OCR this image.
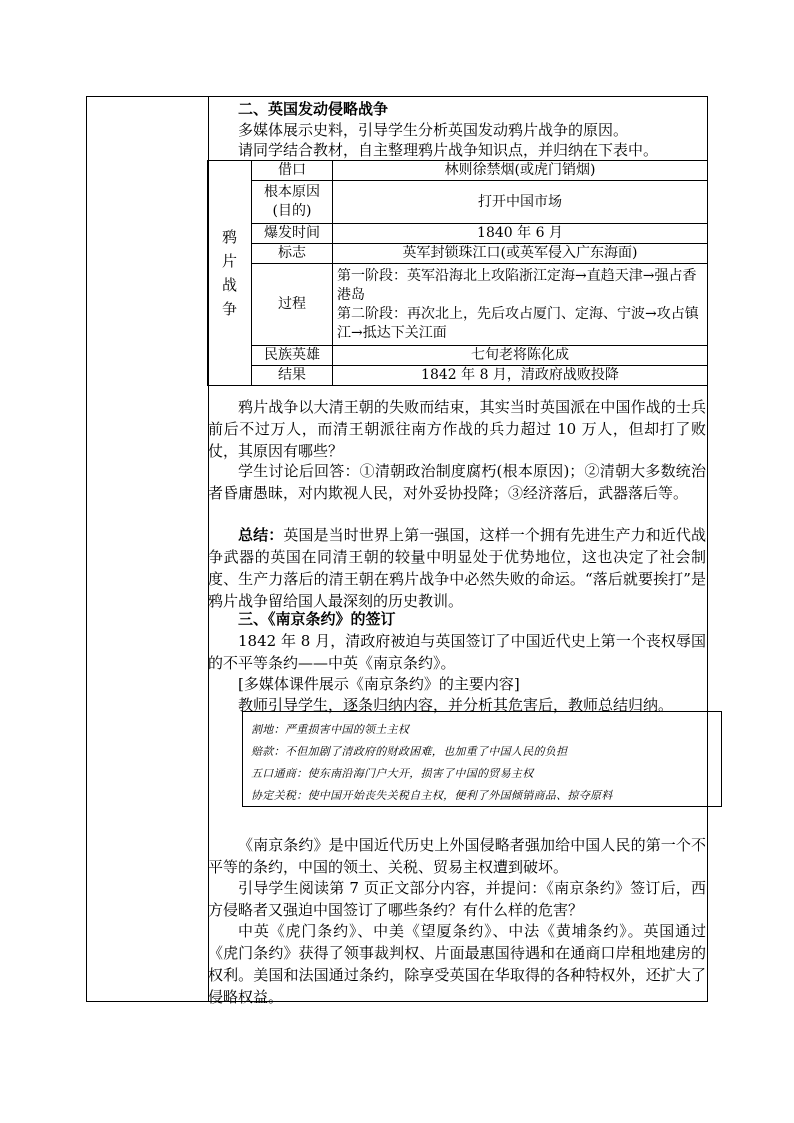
二、英国发动侵略战争

多媒体展示史料，引导学生分析英国发动鸦片战争的原因。

请同学结合教材，自主整理鸦片战争知识点，并归纳在下表中。

鸦片战争	借口	林则徐禁烟(或虎门销烟)
	根本原因(目的)	打开中国市场
	爆发时间	1840 年 6 月
	标志	英军封锁珠江口(或英军侵入广东海面)
	过程	第一阶段：英军沿海北上攻陷浙江定海→直趋天津→强占香港岛
第二阶段：再次北上，先后攻占厦门、定海、宁波→攻占镇江→抵达下关江面

	民族英雄	七旬老将陈化成
	结果	1842 年 8 月，清政府战败投降

鸦片战争以大清王朝的失败而结束，其实当时英国派在中国作战的士兵前后不过万人，而清王朝派往南方作战的兵力超过 10 万人，但却打了败仗，其原因有哪些？

学生讨论后回答：①清朝政治制度腐朽(根本原因)；②清朝大多数统治者昏庸愚昧，对内欺视人民，对外妥协投降；③经济落后，武器落后等。

总结：英国是当时世界上第一强国，这样一个拥有先进生产力和近代战争武器的英国在同清王朝的较量中明显处于优势地位，这也决定了社会制度、生产力落后的清王朝在鸦片战争中必然失败的命运。“落后就要挨打”是鸦片战争留给国人最深刻的历史教训。

三、《南京条约》的签订

1842 年 8 月，清政府被迫与英国签订了中国近代史上第一个丧权辱国的不平等条约——中英《南京条约》。

[多媒体课件展示《南京条约》的主要内容]

教师引导学生，逐条归纳内容，并分析其危害后，教师总结归纳。

割地：严重损害中国的领土主权
赔款：不但加剧了清政府的财政困难，也加重了中国人民的负担
五口通商：使东南沿海门户大开，损害了中国的贸易主权
协定关税：使中国开始丧失关税自主权，便利了外国倾销商品、掠夺原料

《南京条约》是中国近代历史上外国侵略者强加给中国人民的第一个不平等的条约，中国的领土、关税、贸易主权遭到破坏。

引导学生阅读第 7 页正文部分内容，并提问：《南京条约》签订后，西方侵略者又强迫中国签订了哪些条约？有什么样的危害？

中英《虎门条约》、中美《望厦条约》、中法《黄埔条约》。英国通过《虎门条约》获得了领事裁判权、片面最惠国待遇和在通商口岸租地建房的权利。美国和法国通过条约，除享受英国在华取得的各种特权外，还扩大了侵略权益。
